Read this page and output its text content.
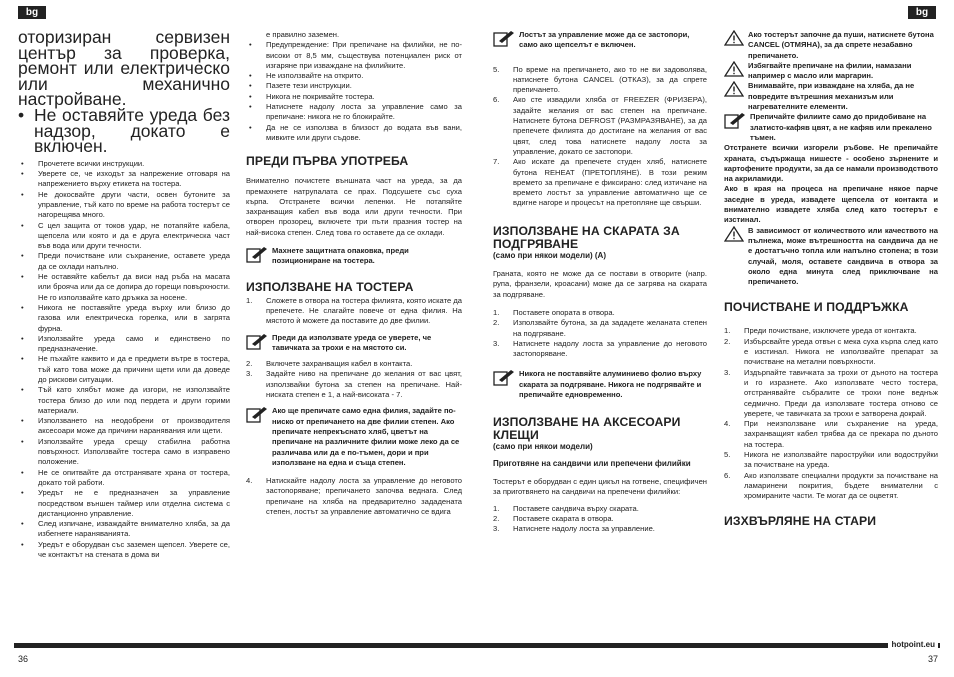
bg	bg

оторизиран сервизен център за проверка, ремонт или електрическо или механично настройване.

• Не оставяйте уреда без надзор, докато е включен.
• Прочетете всички инструкции.
• Уверете се, че изходът за напрежение отговаря на напрежението върху етикета на тостера.
• Не докосвайте други части, освен бутоните за управление, тъй като по време на работа тостерът се нагорещява много.
• С цел защита от токов удар, не потапяйте кабела, щепсела или която и да е друга електрическа част във вода или други течности.
• Преди почистване или съхранение, оставете уреда да се охлади напълно.
• Не оставяйте кабелът да виси над ръба на масата или брояча или да се допира до горещи повърхности. Не го използвайте като дръжка за носене.
• Никога не поставяйте уреда върху или близо до газова или електрическа горелка, или в загрята фурна.
• Използвайте уреда само и единствено по предназначение.
• Не пъхайте каквито и да е предмети вътре в тостера, тъй като това може да причини щети или да доведе до рискови ситуации.
• Тъй като хлябът може да изгори, не използвайте тостера близо до или под пердета и други горими материали.
• Използването на неодобрени от производителя аксесоари може да причини наранявания или щети.
• Използвайте уреда срещу стабилна работна повърхност. Използвайте тостера само в изправено положение.
• Не се опитвайте да отстранявате храна от тостера, докато той работи.
• Уредът не е предназначен за управление посредством външен таймер или отделна система с дистанционно управление.
• След изпичане, изваждайте внимателно хляба, за да избегнете нараняванията.
• Уредът е оборудван със заземен щепсел. Уверете се, че контактът на стената в дома ви

е правилно заземен.

• Предупреждение: При препичане на филийки, не по-високи от 8,5 мм, съществува потенциален риск от изгаряне при изваждане на филийките.
• Не използвайте на открито.
• Пазете тези инструкции.
• Никога не покривайте тостера.
• Натиснете надолу лоста за управление само за препичане: никога не го блокирайте.
• Да не се използва в близост до водата във вани, мивките или други съдове.
ПРЕДИ ПЪРВА УПОТРЕБА

Внимателно почистете външната част на уреда, за да премахнете натрупалата се прах. Подсушете със суха кърпа. Отстранете всички лепенки. Не потапяйте захранващия кабел във вода или други течности. При отворен прозорец, включете три пъти празния тостер на най-висока степен. След това го оставете да се охлади.

Махнете защитната опаковка, преди позициониране на тостера.
ИЗПОЛЗВАНЕ НА ТОСТЕРА
1. Сложете в отвора на тостера филията, която искате да препечете. Не слагайте повече от една филия. На мястото ѝ можете да поставите до две филии.
Преди да използвате уреда се уверете, че тавичката за трохи е на мястото си.
2. Включете захранващия кабел в контакта.
3. Задайте ниво на препичане до желания от вас цвят, използвайки бутона за степен на препичане. Най-ниската степен е 1, а най-високата - 7.
Ако ще препичате само една филия, задайте по-ниско от препичането на две филии степен. Ако препичате непрекъснато хляб, цветът на препичане на различните филии може леко да се различава или да е по-тъмен, дори и при използване на една и съща степен.
4. Натискайте надолу лоста за управление до неговото застопоряване; препичането започва веднага. След препичане на хляба на предварително зададената степен, лостът за управление автоматично се вдига
Лостът за управление може да се застопори, само ако щепселът е включен.
5. По време на препичането, ако то не ви задоволява, натиснете бутона CANCEL (ОТКАЗ), за да спрете препичането.
6. Ако сте извадили хляба от FREEZER (ФРИЗЕРА), задайте желания от вас степен на препичане. Натиснете бутона DEFROST (РАЗМРАЗЯВАНЕ), за да препечете филията до достигане на желания от вас цвят, след това натиснете надолу лоста за управление, докато се застопори.
7. Ако искате да препечете студен хляб, натиснете бутона REHEAT (ПРЕТОПЛЯНЕ). В този режим времето за препичане е фиксирано: след изтичане на времето лостът за управление автоматично ще се вдигне нагоре и процесът на претопляне ще свърши.
ИЗПОЛЗВАНЕ НА СКАРАТА ЗА ПОДГРЯВАНЕ

(само при някои модели) (A)

Граната, която не може да се постави в отворите (напр. рупа, франзели, кроасани) може да се загрява на скарата за подгряване.

1. Поставете опората в отвора.
2. Използвайте бутона, за да зададете желаната степен на подгряване.
3. Натиснете надолу лоста за управление до неговото застопоряване.
Никога не поставяйте алуминиево фолио върху скарата за подгряване. Никога не подгрявайте и препичайте едновременно.
ИЗПОЛЗВАНЕ НА АКСЕСОАРИ КЛЕЩИ

(само при някои модели)

Приготвяне на сандвичи или препечени филийки

Тостерът е оборудван с един цикъл на готвене, специфичен за приготвянето на сандвичи на препечени филийки:

1. Поставете сандвича върху скарата.
2. Поставете скарата в отвора.
3. Натиснете надолу лоста за управление.
Ако тостерът започне да пуши, натиснете бутона CANCEL (ОТМЯНА), за да спрете незабавно препичането.
Избягвайте препичане на филии, намазани например с масло или маргарин.
Внимавайте, при изваждане на хляба, да не повредите вътрешния механизъм или нагревателните елементи.
Препичайте филиите само до придобиване на златисто-кафяв цвят, а не кафяв или прекалено тъмен.

Отстранете всички изгорели ръбове. Не препичайте храната, съдържаща нишесте - особено зърнените и картофените продукти, за да се намали производството на акриламиди.

Ако в края на процеса на препичане някое парче заседне в уреда, извадете щепсела от контакта и внимателно извадете хляба след като тостерът е изстинал.

В зависимост от количеството или качеството на пълнежа, може вътрешността на сандвича да не е достатъчно топла или напълно стопена; в този случай, моля, оставете сандвича в отвора за около една минута след приключване на препичането.
ПОЧИСТВАНЕ И ПОДДРЪЖКА
1. Преди почистване, изключете уреда от контакта.
2. Избърсвайте уреда отвън с мека суха кърпа след като е изстинал. Никога не използвайте препарат за почистване на метални повърхности.
3. Издърпайте тавичката за трохи от дъното на тостера и го изразнете. Ако използвате често тостера, отстранявайте събралите се трохи поне веднъж седмично. Преди да използвате тостера отново се уверете, че тавичката за трохи е затворена докрай.
4. При неизползване или съхранение на уреда, захранващият кабел трябва да се прекара по дъното на тостера.
5. Никога не използвайте пароструйки или водоструйки за почистване на уреда.
6. Ако използвате специални продукти за почистване на ламаринени покрития, бъдете внимателни с хромираните части. Те могат да се оцветят.
ИЗХВЪРЛЯНЕ НА СТАРИ
hotpoint.eu
36	37
